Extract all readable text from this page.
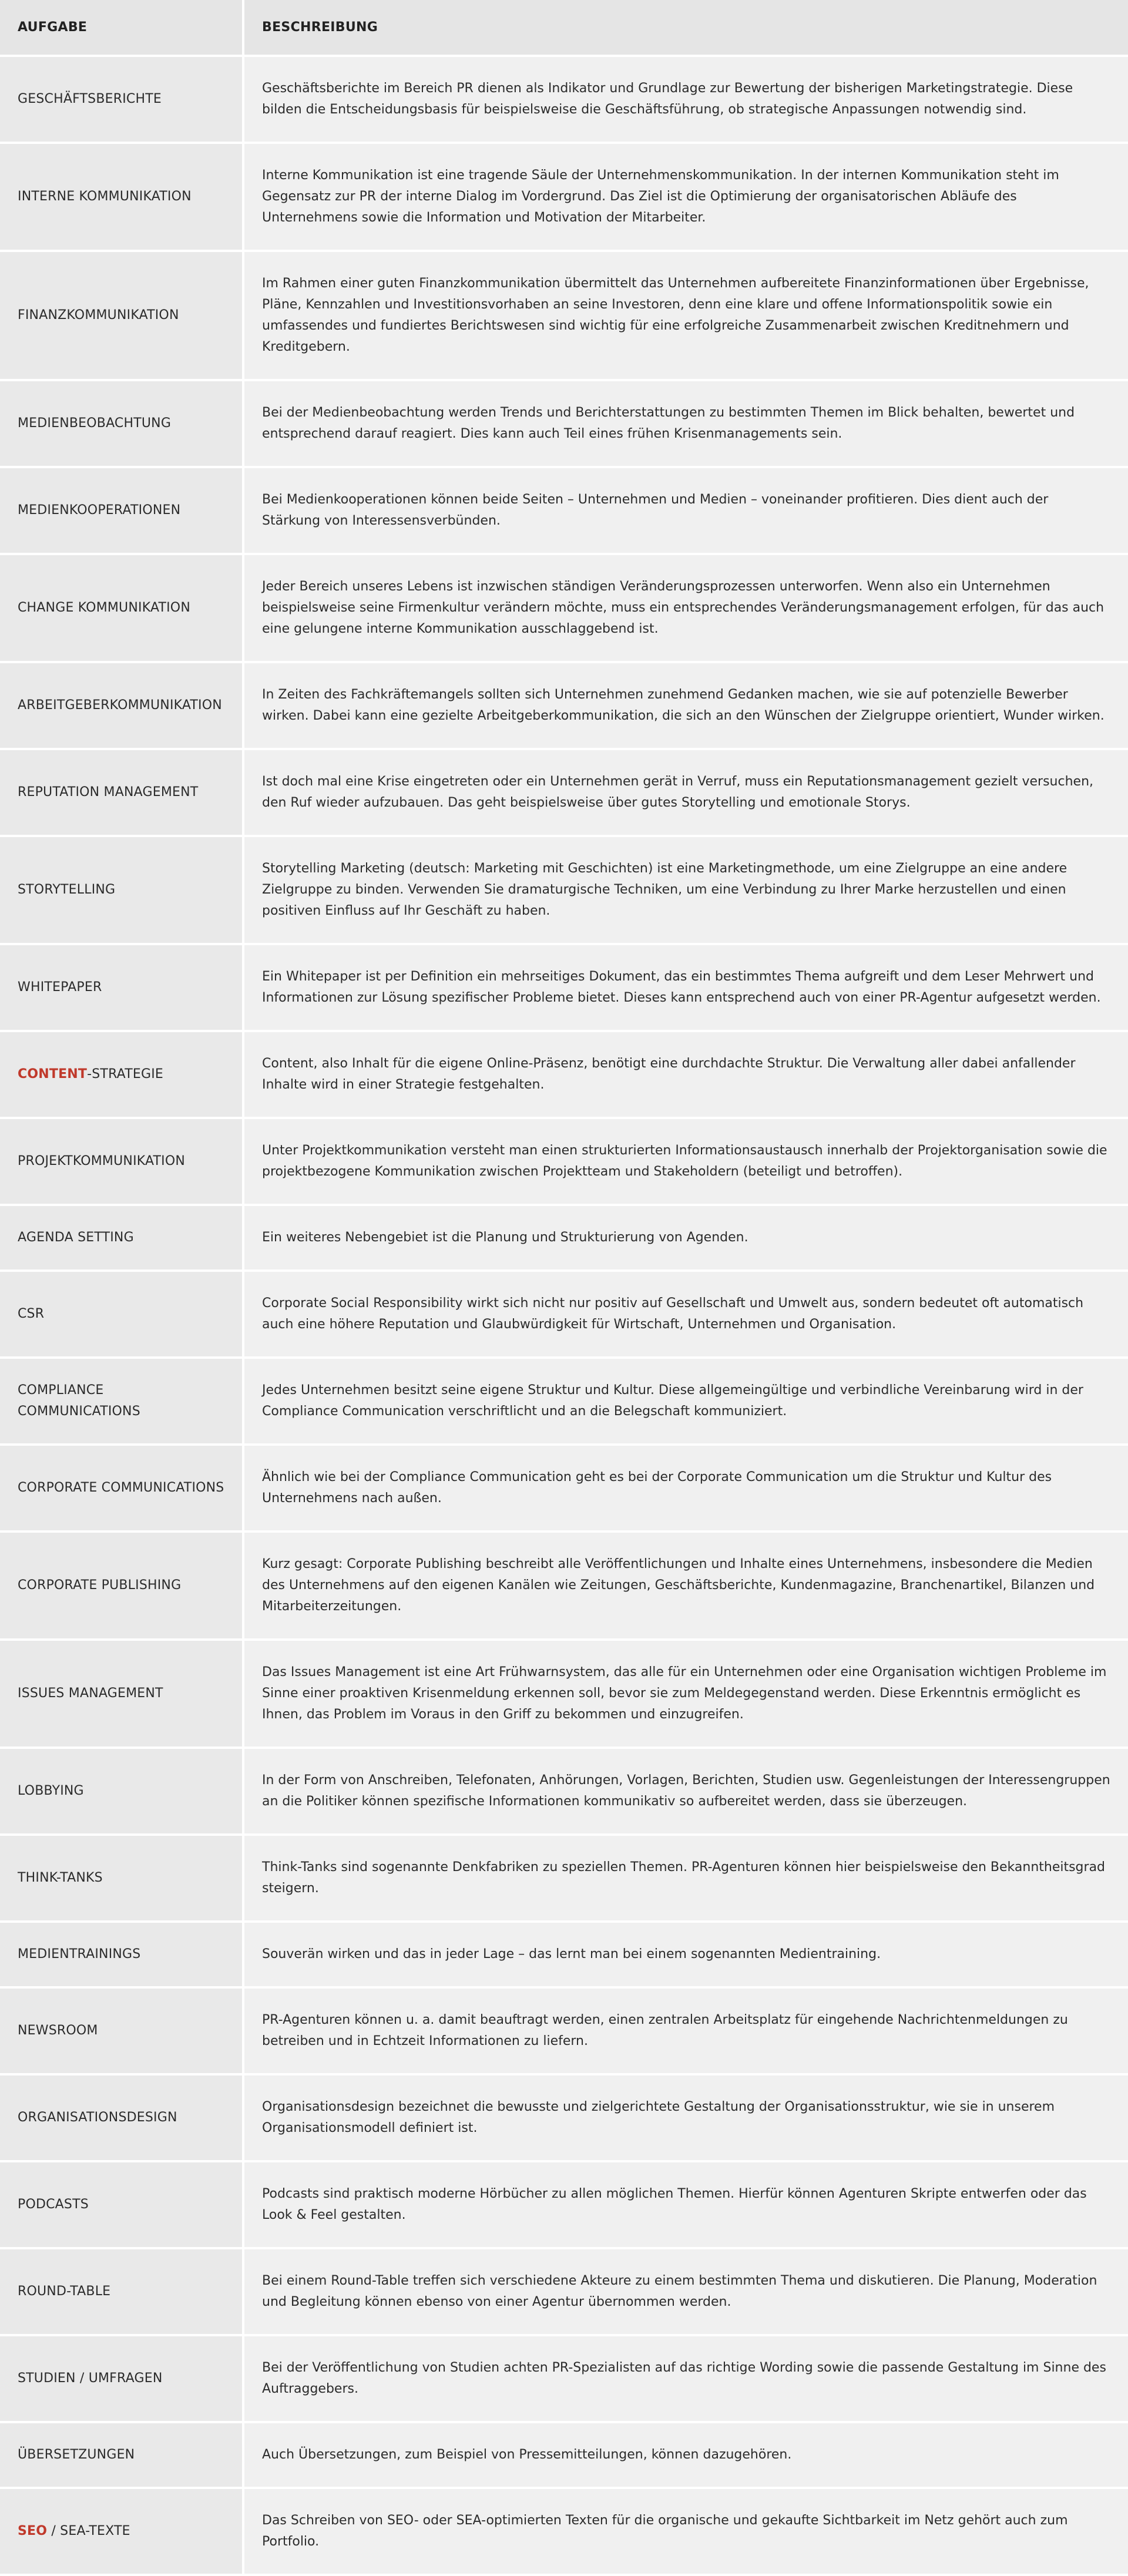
AUFGABE	BESCHREIBUNG
GESCHÄFTSBERICHTE	Geschäftsberichte im Bereich PR dienen als Indikator und Grundlage zur Bewertung der bisherigen Marketingstrategie. Diese bilden die Entscheidungsbasis für beispielsweise die Geschäftsführung, ob strategische Anpassungen notwendig sind.
INTERNE KOMMUNIKATION	Interne Kommunikation ist eine tragende Säule der Unternehmenskommunikation. In der internen Kommunikation steht im Gegensatz zur PR der interne Dialog im Vordergrund. Das Ziel ist die Optimierung der organisatorischen Abläufe des Unternehmens sowie die Information und Motivation der Mitarbeiter.
FINANZKOMMUNIKATION	Im Rahmen einer guten Finanzkommunikation übermittelt das Unternehmen aufbereitete Finanzinformationen über Ergebnisse, Pläne, Kennzahlen und Investitionsvorhaben an seine Investoren, denn eine klare und offene Informationspolitik sowie ein umfassendes und fundiertes Berichtswesen sind wichtig für eine erfolgreiche Zusammenarbeit zwischen Kreditnehmern und Kreditgebern.
MEDIENBEOBACHTUNG	Bei der Medienbeobachtung werden Trends und Berichterstattungen zu bestimmten Themen im Blick behalten, bewertet und entsprechend darauf reagiert. Dies kann auch Teil eines frühen Krisenmanagements sein.
MEDIENKOOPERATIONEN	Bei Medienkooperationen können beide Seiten – Unternehmen und Medien – voneinander profitieren. Dies dient auch der Stärkung von Interessensverbünden.
CHANGE KOMMUNIKATION	Jeder Bereich unseres Lebens ist inzwischen ständigen Veränderungsprozessen unterworfen. Wenn also ein Unternehmen beispielsweise seine Firmenkultur verändern möchte, muss ein entsprechendes Veränderungsmanagement erfolgen, für das auch eine gelungene interne Kommunikation ausschlaggebend ist.
ARBEITGEBERKOMMUNIKATION	In Zeiten des Fachkräftemangels sollten sich Unternehmen zunehmend Gedanken machen, wie sie auf potenzielle Bewerber wirken. Dabei kann eine gezielte Arbeitgeberkommunikation, die sich an den Wünschen der Zielgruppe orientiert, Wunder wirken.
REPUTATION MANAGEMENT	Ist doch mal eine Krise eingetreten oder ein Unternehmen gerät in Verruf, muss ein Reputationsmanagement gezielt versuchen, den Ruf wieder aufzubauen. Das geht beispielsweise über gutes Storytelling und emotionale Storys.
STORYTELLING	Storytelling Marketing (deutsch: Marketing mit Geschichten) ist eine Marketingmethode, um eine Zielgruppe an eine andere Zielgruppe zu binden. Verwenden Sie dramaturgische Techniken, um eine Verbindung zu Ihrer Marke herzustellen und einen positiven Einfluss auf Ihr Geschäft zu haben.
WHITEPAPER	Ein Whitepaper ist per Definition ein mehrseitiges Dokument, das ein bestimmtes Thema aufgreift und dem Leser Mehrwert und Informationen zur Lösung spezifischer Probleme bietet. Dieses kann entsprechend auch von einer PR-Agentur aufgesetzt werden.
CONTENT-STRATEGIE	Content, also Inhalt für die eigene Online-Präsenz, benötigt eine durchdachte Struktur. Die Verwaltung aller dabei anfallender Inhalte wird in einer Strategie festgehalten.
PROJEKTKOMMUNIKATION	Unter Projektkommunikation versteht man einen strukturierten Informationsaustausch innerhalb der Projektorganisation sowie die projektbezogene Kommunikation zwischen Projektteam und Stakeholdern (beteiligt und betroffen).
AGENDA SETTING	Ein weiteres Nebengebiet ist die Planung und Strukturierung von Agenden.
CSR	Corporate Social Responsibility wirkt sich nicht nur positiv auf Gesellschaft und Umwelt aus, sondern bedeutet oft automatisch auch eine höhere Reputation und Glaubwürdigkeit für Wirtschaft, Unternehmen und Organisation.
COMPLIANCE COMMUNICATIONS	Jedes Unternehmen besitzt seine eigene Struktur und Kultur. Diese allgemeingültige und verbindliche Vereinbarung wird in der Compliance Communication verschriftlicht und an die Belegschaft kommuniziert.
CORPORATE COMMUNICATIONS	Ähnlich wie bei der Compliance Communication geht es bei der Corporate Communication um die Struktur und Kultur des Unternehmens nach außen.
CORPORATE PUBLISHING	Kurz gesagt: Corporate Publishing beschreibt alle Veröffentlichungen und Inhalte eines Unternehmens, insbesondere die Medien des Unternehmens auf den eigenen Kanälen wie Zeitungen, Geschäftsberichte, Kundenmagazine, Branchenartikel, Bilanzen und Mitarbeiterzeitungen.
ISSUES MANAGEMENT	Das Issues Management ist eine Art Frühwarnsystem, das alle für ein Unternehmen oder eine Organisation wichtigen Probleme im Sinne einer proaktiven Krisenmeldung erkennen soll, bevor sie zum Meldegegenstand werden. Diese Erkenntnis ermöglicht es Ihnen, das Problem im Voraus in den Griff zu bekommen und einzugreifen.
LOBBYING	In der Form von Anschreiben, Telefonaten, Anhörungen, Vorlagen, Berichten, Studien usw. Gegenleistungen der Interessengruppen an die Politiker können spezifische Informationen kommunikativ so aufbereitet werden, dass sie überzeugen.
THINK-TANKS	Think-Tanks sind sogenannte Denkfabriken zu speziellen Themen. PR-Agenturen können hier beispielsweise den Bekanntheitsgrad steigern.
MEDIENTRAININGS	Souverän wirken und das in jeder Lage – das lernt man bei einem sogenannten Medientraining.
NEWSROOM	PR-Agenturen können u. a. damit beauftragt werden, einen zentralen Arbeitsplatz für eingehende Nachrichtenmeldungen zu betreiben und in Echtzeit Informationen zu liefern.
ORGANISATIONSDESIGN	Organisationsdesign bezeichnet die bewusste und zielgerichtete Gestaltung der Organisationsstruktur, wie sie in unserem Organisationsmodell definiert ist.
PODCASTS	Podcasts sind praktisch moderne Hörbücher zu allen möglichen Themen. Hierfür können Agenturen Skripte entwerfen oder das Look & Feel gestalten.
ROUND-TABLE	Bei einem Round-Table treffen sich verschiedene Akteure zu einem bestimmten Thema und diskutieren. Die Planung, Moderation und Begleitung können ebenso von einer Agentur übernommen werden.
STUDIEN / UMFRAGEN	Bei der Veröffentlichung von Studien achten PR-Spezialisten auf das richtige Wording sowie die passende Gestaltung im Sinne des Auftraggebers.
ÜBERSETZUNGEN	Auch Übersetzungen, zum Beispiel von Pressemitteilungen, können dazugehören.
SEO / SEA-TEXTE	Das Schreiben von SEO- oder SEA-optimierten Texten für die organische und gekaufte Sichtbarkeit im Netz gehört auch zum Portfolio.
